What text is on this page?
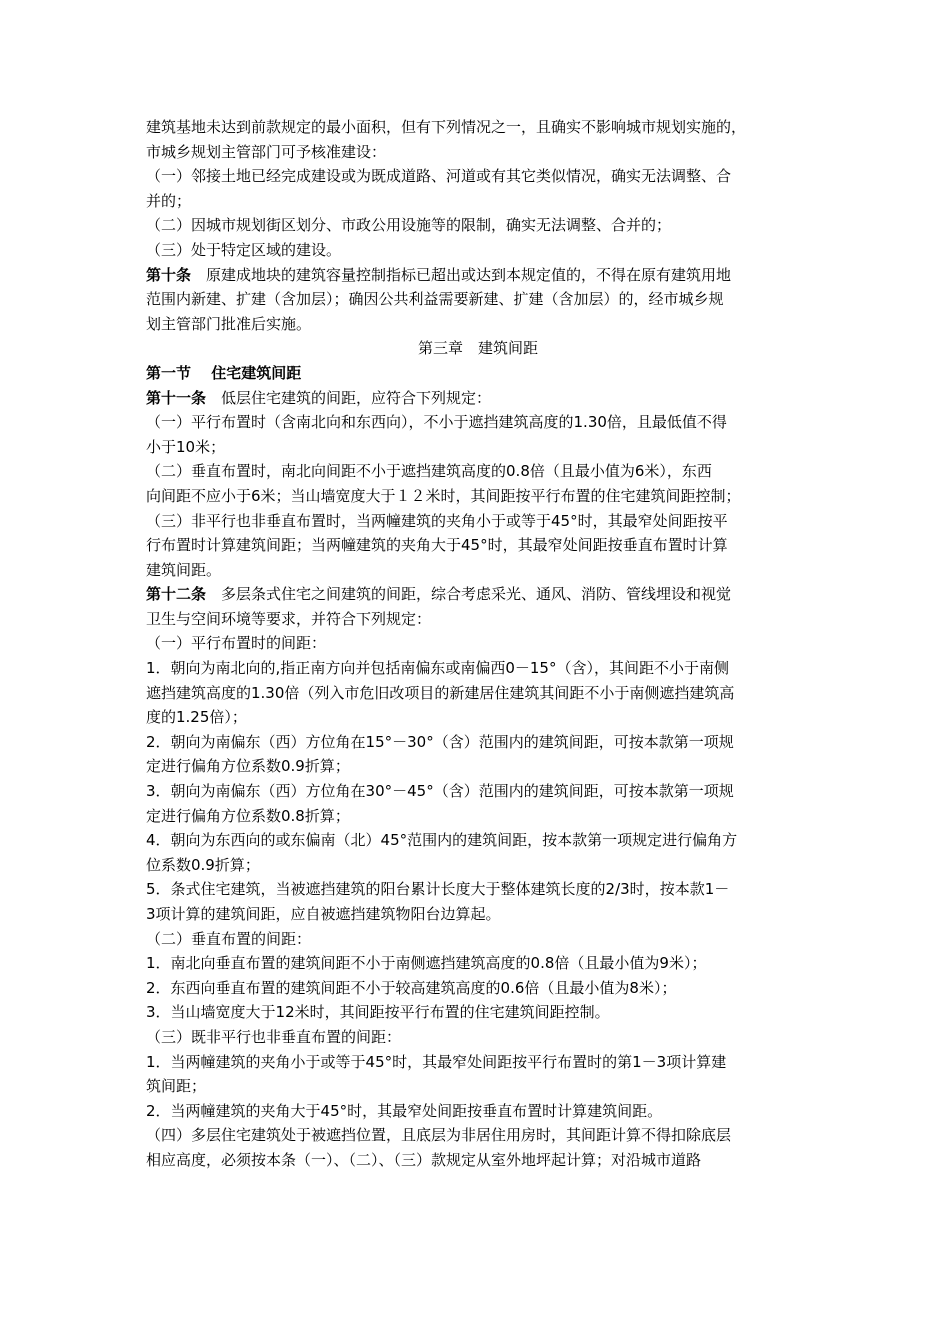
建筑基地未达到前款规定的最小面积，但有下列情况之一，且确实不影响城市规划实施的，
市城乡规划主管部门可予核准建设：
（一）邻接土地已经完成建设或为既成道路、河道或有其它类似情况，确实无法调整、合
并的；
（二）因城市规划街区划分、市政公用设施等的限制，确实无法调整、合并的；
（三）处于特定区域的建设。
第十条　原建成地块的建筑容量控制指标已超出或达到本规定值的，不得在原有建筑用地
范围内新建、扩建（含加层）；确因公共利益需要新建、扩建（含加层）的，经市城乡规
划主管部门批准后实施。
第三章　建筑间距
第一节　 住宅建筑间距
第十一条　低层住宅建筑的间距，应符合下列规定：
（一）平行布置时（含南北向和东西向），不小于遮挡建筑高度的1.30倍，且最低值不得
小于10米；
（二）垂直布置时，南北向间距不小于遮挡建筑高度的0.8倍（且最小值为6米），东西
向间距不应小于6米；当山墙宽度大于１２米时，其间距按平行布置的住宅建筑间距控制；
（三）非平行也非垂直布置时，当两幢建筑的夹角小于或等于45°时，其最窄处间距按平
行布置时计算建筑间距；当两幢建筑的夹角大于45°时，其最窄处间距按垂直布置时计算
建筑间距。
第十二条　多层条式住宅之间建筑的间距，综合考虑采光、通风、消防、管线埋设和视觉
卫生与空间环境等要求，并符合下列规定：
（一）平行布置时的间距：
1．朝向为南北向的,指正南方向并包括南偏东或南偏西0－15°（含），其间距不小于南侧
遮挡建筑高度的1.30倍（列入市危旧改项目的新建居住建筑其间距不小于南侧遮挡建筑高
度的1.25倍）；
2．朝向为南偏东（西）方位角在15°－30°（含）范围内的建筑间距，可按本款第一项规
定进行偏角方位系数0.9折算；
3．朝向为南偏东（西）方位角在30°－45°（含）范围内的建筑间距，可按本款第一项规
定进行偏角方位系数0.8折算；
4．朝向为东西向的或东偏南（北）45°范围内的建筑间距，按本款第一项规定进行偏角方
位系数0.9折算；
5．条式住宅建筑，当被遮挡建筑的阳台累计长度大于整体建筑长度的2/3时，按本款1－
3项计算的建筑间距，应自被遮挡建筑物阳台边算起。
（二）垂直布置的间距：
1．南北向垂直布置的建筑间距不小于南侧遮挡建筑高度的0.8倍（且最小值为9米）；
2．东西向垂直布置的建筑间距不小于较高建筑高度的0.6倍（且最小值为8米）；
3．当山墙宽度大于12米时，其间距按平行布置的住宅建筑间距控制。
（三）既非平行也非垂直布置的间距：
1．当两幢建筑的夹角小于或等于45°时，其最窄处间距按平行布置时的第1－3项计算建
筑间距；
2．当两幢建筑的夹角大于45°时，其最窄处间距按垂直布置时计算建筑间距。
（四）多层住宅建筑处于被遮挡位置，且底层为非居住用房时，其间距计算不得扣除底层
相应高度，必须按本条（一）、（二）、（三）款规定从室外地坪起计算；对沿城市道路
